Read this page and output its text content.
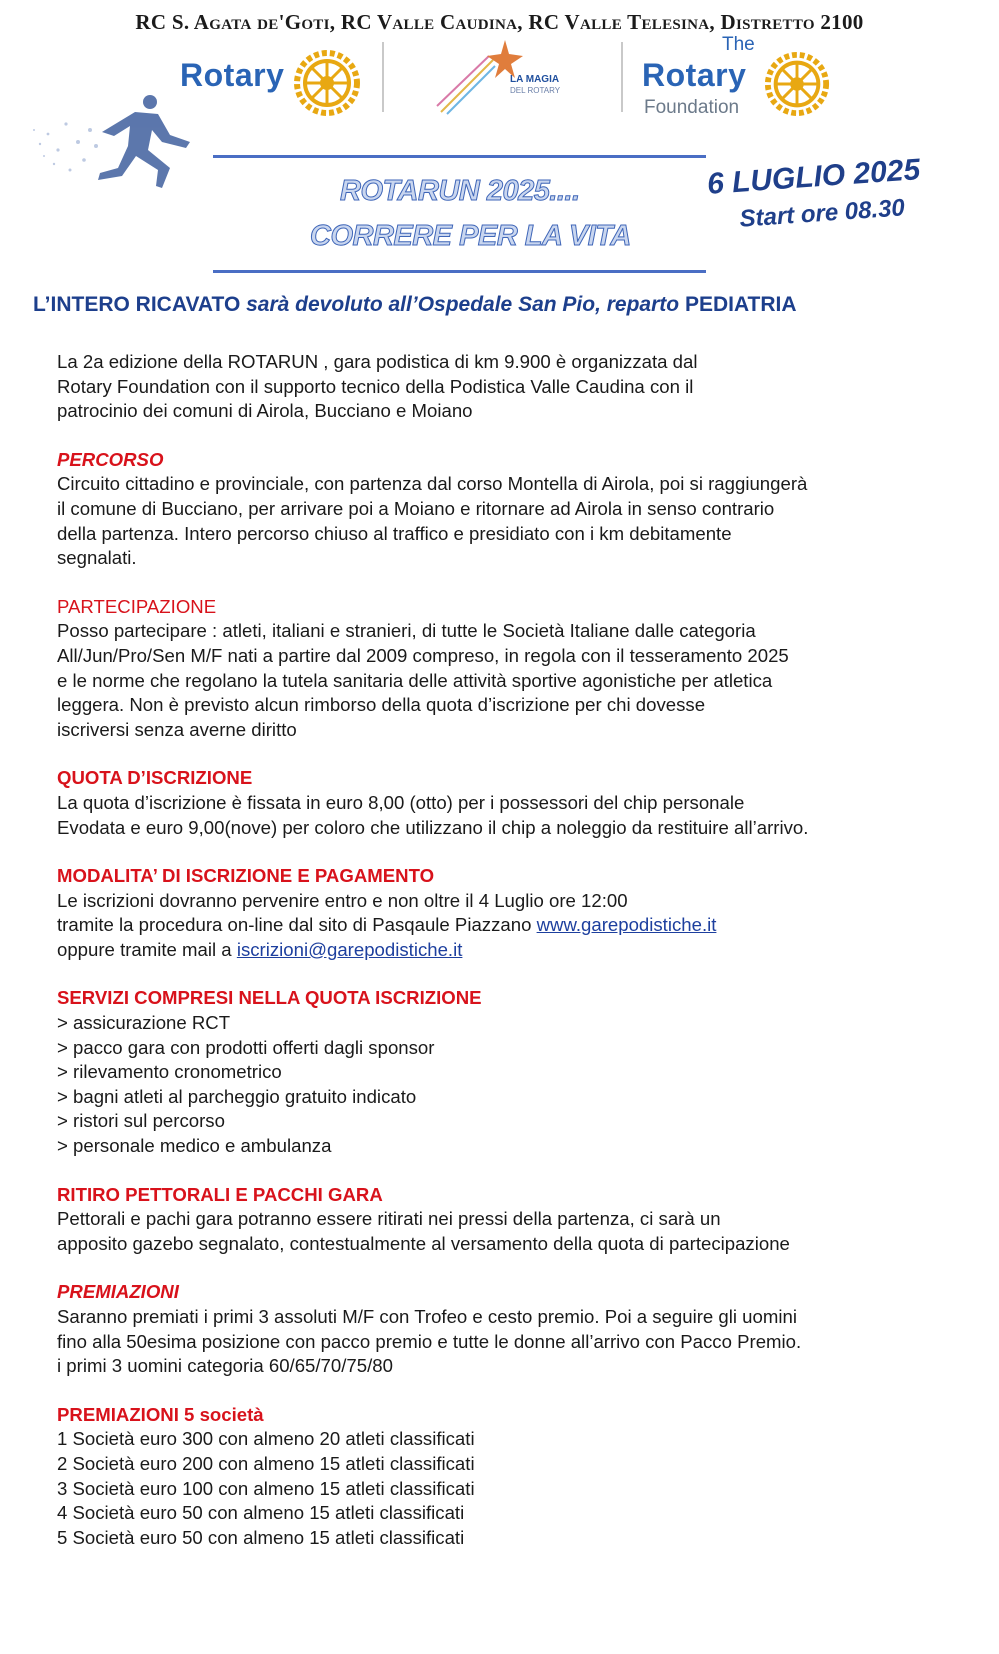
RC S. Agata de'Goti, RC Valle Caudina, RC Valle Telesina, Distretto 2100
Rotary	LA MAGIA
DEL ROTARY
The
Rotary
Foundation
ROTARUN 2025....
CORRERE PER LA VITA
6 LUGLIO 2025
Start ore 08.30
L’INTERO RICAVATO sarà devoluto all’Ospedale San Pio, reparto PEDIATRIA

La 2a edizione della ROTARUN , gara podistica di km 9.900 è organizzata dal

Rotary Foundation con il supporto tecnico della Podistica Valle Caudina con il

patrocinio dei comuni di Airola, Bucciano e Moiano

PERCORSO

Circuito cittadino e provinciale, con partenza dal corso Montella di Airola, poi si raggiungerà

il comune di Bucciano, per arrivare poi a Moiano e ritornare ad Airola in senso contrario

della partenza. Intero percorso chiuso al traffico e presidiato con i km debitamente

segnalati.

PARTECIPAZIONE

Posso partecipare : atleti, italiani e stranieri, di tutte le Società Italiane dalle categoria

All/Jun/Pro/Sen M/F nati a partire dal 2009 compreso, in regola con il tesseramento 2025

e le norme che regolano la tutela sanitaria delle attività sportive agonistiche per atletica

leggera. Non è previsto alcun rimborso della quota d’iscrizione per chi dovesse

iscriversi senza averne diritto

QUOTA D’ISCRIZIONE

La quota d’iscrizione è fissata in euro 8,00 (otto) per i possessori del chip personale

Evodata e euro 9,00(nove) per coloro che utilizzano il chip a noleggio da restituire all’arrivo.

MODALITA’ DI ISCRIZIONE E PAGAMENTO

Le iscrizioni dovranno pervenire entro e non oltre il 4 Luglio ore 12:00

tramite la procedura on-line dal sito di Pasqaule Piazzano www.garepodistiche.it

oppure tramite mail a iscrizioni@garepodistiche.it

SERVIZI COMPRESI NELLA QUOTA ISCRIZIONE

> assicurazione RCT

> pacco gara con prodotti offerti dagli sponsor

> rilevamento cronometrico

> bagni atleti al parcheggio gratuito indicato

> ristori sul percorso

> personale medico e ambulanza

RITIRO PETTORALI E PACCHI GARA

Pettorali e pachi gara potranno essere ritirati nei pressi della partenza, ci sarà un

apposito gazebo segnalato, contestualmente al versamento della quota di partecipazione

PREMIAZIONI

Saranno premiati i primi 3 assoluti M/F con Trofeo e cesto premio. Poi a seguire gli uomini

fino alla 50esima posizione con pacco premio e tutte le donne all’arrivo con Pacco Premio.

i primi 3 uomini categoria 60/65/70/75/80

PREMIAZIONI 5 società

1 Società euro 300 con almeno 20 atleti classificati

2 Società euro 200 con almeno 15 atleti classificati

3 Società euro 100 con almeno 15 atleti classificati

4 Società euro 50 con almeno 15 atleti classificati

5 Società euro 50 con almeno 15 atleti classificati
